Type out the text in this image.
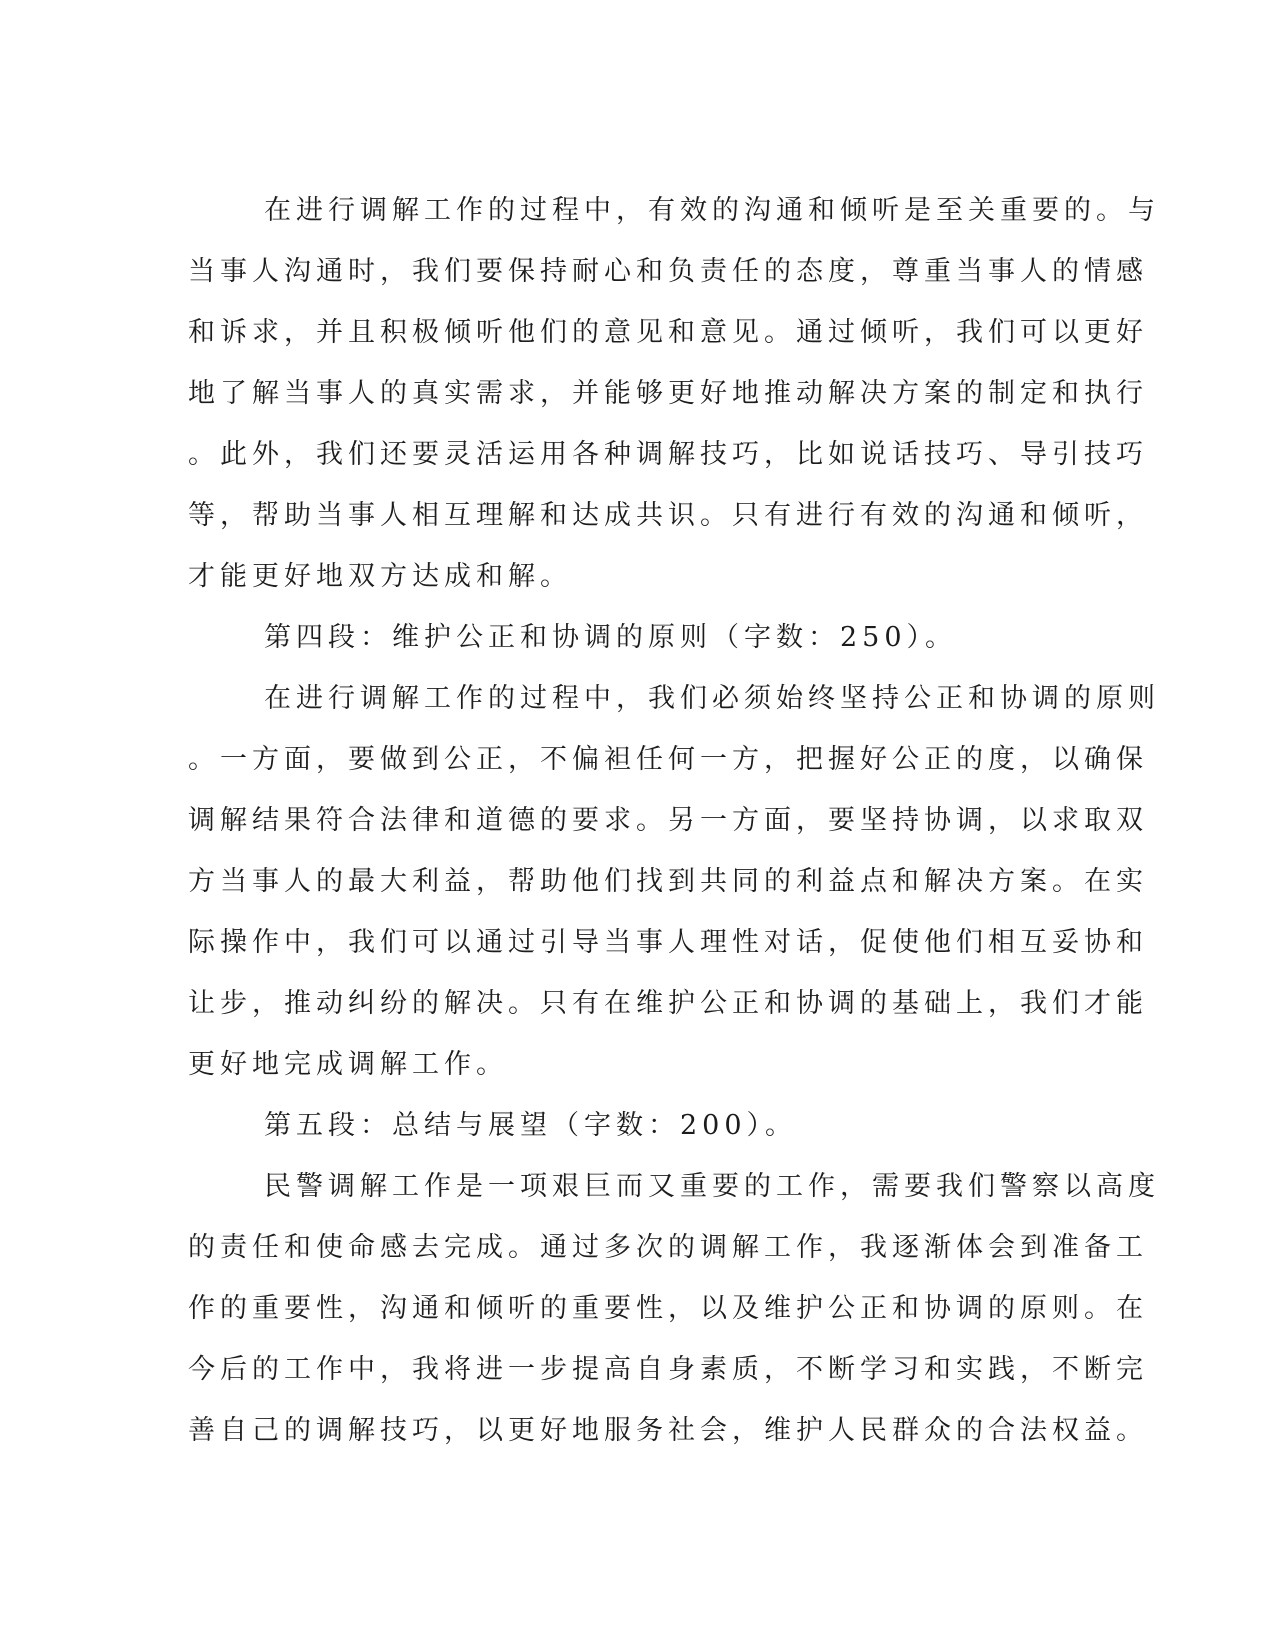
在进行调解工作的过程中，有效的沟通和倾听是至关重要的。与
当事人沟通时，我们要保持耐心和负责任的态度，尊重当事人的情感
和诉求，并且积极倾听他们的意见和意见。通过倾听，我们可以更好
地了解当事人的真实需求，并能够更好地推动解决方案的制定和执行
。此外，我们还要灵活运用各种调解技巧，比如说话技巧、导引技巧
等，帮助当事人相互理解和达成共识。只有进行有效的沟通和倾听，
才能更好地双方达成和解。
第四段：维护公正和协调的原则（字数：250）。
在进行调解工作的过程中，我们必须始终坚持公正和协调的原则
。一方面，要做到公正，不偏袒任何一方，把握好公正的度，以确保
调解结果符合法律和道德的要求。另一方面，要坚持协调，以求取双
方当事人的最大利益，帮助他们找到共同的利益点和解决方案。在实
际操作中，我们可以通过引导当事人理性对话，促使他们相互妥协和
让步，推动纠纷的解决。只有在维护公正和协调的基础上，我们才能
更好地完成调解工作。
第五段：总结与展望（字数：200）。
民警调解工作是一项艰巨而又重要的工作，需要我们警察以高度
的责任和使命感去完成。通过多次的调解工作，我逐渐体会到准备工
作的重要性，沟通和倾听的重要性，以及维护公正和协调的原则。在
今后的工作中，我将进一步提高自身素质，不断学习和实践，不断完
善自己的调解技巧，以更好地服务社会，维护人民群众的合法权益。
